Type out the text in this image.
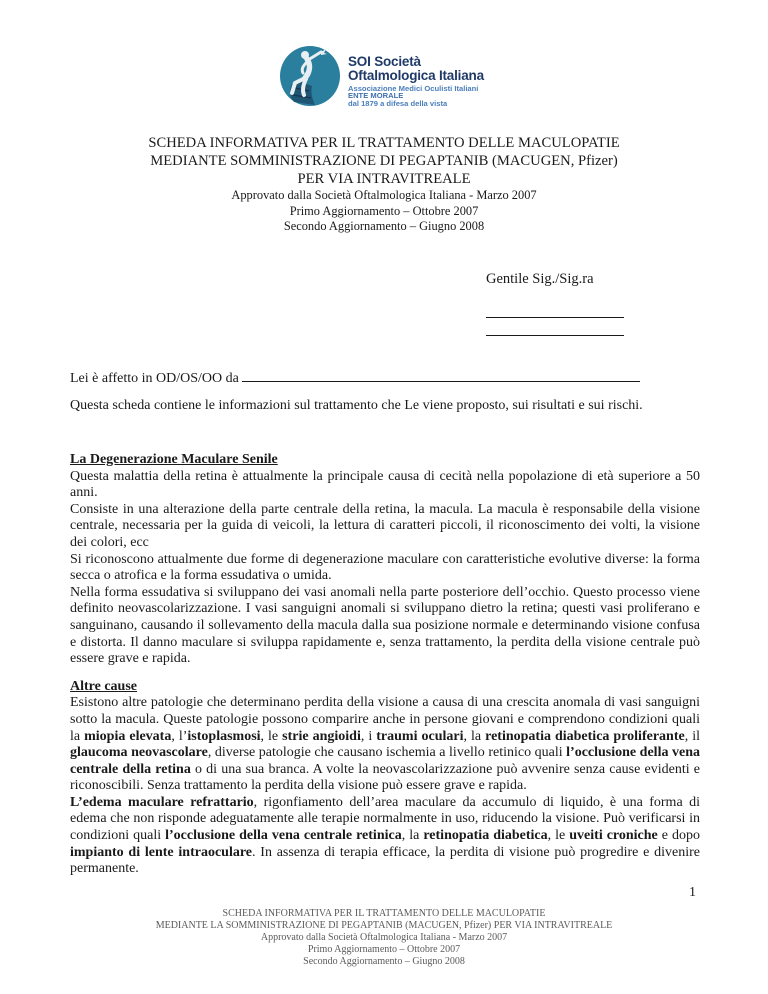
SOI Società
Oftalmologica Italiana
Associazione Medici Oculisti Italiani
ENTE MORALE
dal 1879 a difesa della vista
SCHEDA INFORMATIVA PER IL TRATTAMENTO DELLE MACULOPATIE
MEDIANTE SOMMINISTRAZIONE DI PEGAPTANIB (MACUGEN, Pfizer)
PER VIA INTRAVITREALE
Approvato dalla Società Oftalmologica Italiana - Marzo 2007
Primo Aggiornamento – Ottobre 2007
Secondo Aggiornamento – Giugno 2008
Gentile Sig./Sig.ra
Lei è affetto in OD/OS/OO da

Questa scheda contiene le informazioni sul trattamento che Le viene proposto, sui risultati e sui rischi.

La Degenerazione Maculare Senile

Questa malattia della retina è attualmente la principale causa di cecità nella popolazione di età superiore a 50 anni.

Consiste in una alterazione della parte centrale della retina, la macula. La macula è responsabile della visione centrale, necessaria per la guida di veicoli, la lettura di caratteri piccoli, il riconoscimento dei volti, la visione dei colori, ecc

Si riconoscono attualmente due forme di degenerazione maculare con caratteristiche evolutive diverse: la forma secca o atrofica e la forma essudativa o umida.

Nella forma essudativa si sviluppano dei vasi anomali nella parte posteriore dell’occhio. Questo processo viene definito neovascolarizzazione. I vasi sanguigni anomali si sviluppano dietro la retina; questi vasi proliferano e sanguinano, causando il sollevamento della macula dalla sua posizione normale e determinando visione confusa e distorta. Il danno maculare si sviluppa rapidamente e, senza trattamento, la perdita della visione centrale può essere grave e rapida.

Altre cause

Esistono altre patologie che determinano perdita della visione a causa di una crescita anomala di vasi sanguigni sotto la macula. Queste patologie possono comparire anche in persone giovani e comprendono condizioni quali la miopia elevata, l’istoplasmosi, le strie angioidi, i traumi oculari, la retinopatia diabetica proliferante, il glaucoma neovascolare, diverse patologie che causano ischemia a livello retinico quali l’occlusione della vena centrale della retina o di una sua branca. A volte la neovascolarizzazione può avvenire senza cause evidenti e riconoscibili. Senza trattamento la perdita della visione può essere grave e rapida.

L’edema maculare refrattario, rigonfiamento dell’area maculare da accumulo di liquido, è una forma di edema che non risponde adeguatamente alle terapie normalmente in uso, riducendo la visione. Può verificarsi in condizioni quali l’occlusione della vena centrale retinica, la retinopatia diabetica, le uveiti croniche e dopo impianto di lente intraoculare. In assenza di terapia efficace, la perdita di visione può progredire e divenire permanente.

1
SCHEDA INFORMATIVA PER IL TRATTAMENTO DELLE MACULOPATIE
MEDIANTE LA SOMMINISTRAZIONE DI PEGAPTANIB (MACUGEN, Pfizer) PER VIA INTRAVITREALE
Approvato dalla Società Oftalmologica Italiana - Marzo 2007
Primo Aggiornamento – Ottobre 2007
Secondo Aggiornamento – Giugno 2008
